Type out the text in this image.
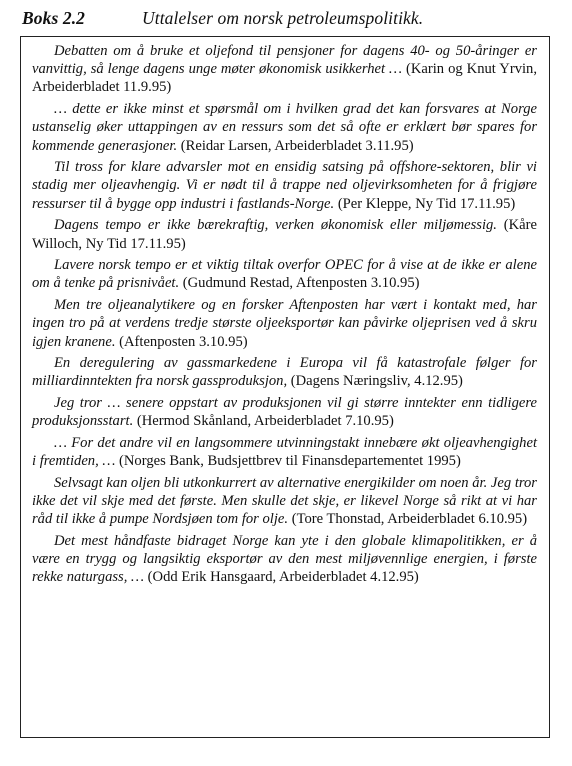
Boks 2.2	Uttalelser om norsk petroleumspolitikk.

Debatten om å bruke et oljefond til pensjoner for dagens 40- og 50-åringer er vanvittig, så lenge dagens unge møter økonomisk usikkerhet … (Karin og Knut Yrvin, Arbeiderbladet 11.9.95)

… dette er ikke minst et spørsmål om i hvilken grad det kan forsvares at Norge ustanselig øker uttappingen av en ressurs som det så ofte er erklært bør spares for kommende generasjoner. (Reidar Larsen, Arbeiderbladet 3.11.95)

Til tross for klare advarsler mot en ensidig satsing på offshore-sektoren, blir vi stadig mer oljeavhengig. Vi er nødt til å trappe ned oljevirksomheten for å frigjøre ressurser til å bygge opp industri i fastlands-Norge. (Per Kleppe, Ny Tid 17.11.95)

Dagens tempo er ikke bærekraftig, verken økonomisk eller miljømessig. (Kåre Willoch, Ny Tid 17.11.95)

Lavere norsk tempo er et viktig tiltak overfor OPEC for å vise at de ikke er alene om å tenke på prisnivået. (Gudmund Restad, Aftenposten 3.10.95)

Men tre oljeanalytikere og en forsker Aftenposten har vært i kontakt med, har ingen tro på at verdens tredje største oljeeksportør kan påvirke oljeprisen ved å skru igjen kranene. (Aftenposten 3.10.95)

En deregulering av gassmarkedene i Europa vil få katastrofale følger for milliardinntekten fra norsk gassproduksjon, (Dagens Næringsliv, 4.12.95)

Jeg tror … senere oppstart av produksjonen vil gi større inntekter enn tidligere produksjonsstart. (Hermod Skånland, Arbeiderbladet 7.10.95)

… For det andre vil en langsommere utvinningstakt innebære økt oljeavhengighet i fremtiden, … (Norges Bank, Budsjettbrev til Finansdepartementet 1995)

Selvsagt kan oljen bli utkonkurrert av alternative energikilder om noen år. Jeg tror ikke det vil skje med det første. Men skulle det skje, er likevel Norge så rikt at vi har råd til ikke å pumpe Nordsjøen tom for olje. (Tore Thonstad, Arbeiderbladet 6.10.95)

Det mest håndfaste bidraget Norge kan yte i den globale klimapolitikken, er å være en trygg og langsiktig eksportør av den mest miljøvennlige energien, i første rekke naturgass, … (Odd Erik Hansgaard, Arbeiderbladet 4.12.95)
